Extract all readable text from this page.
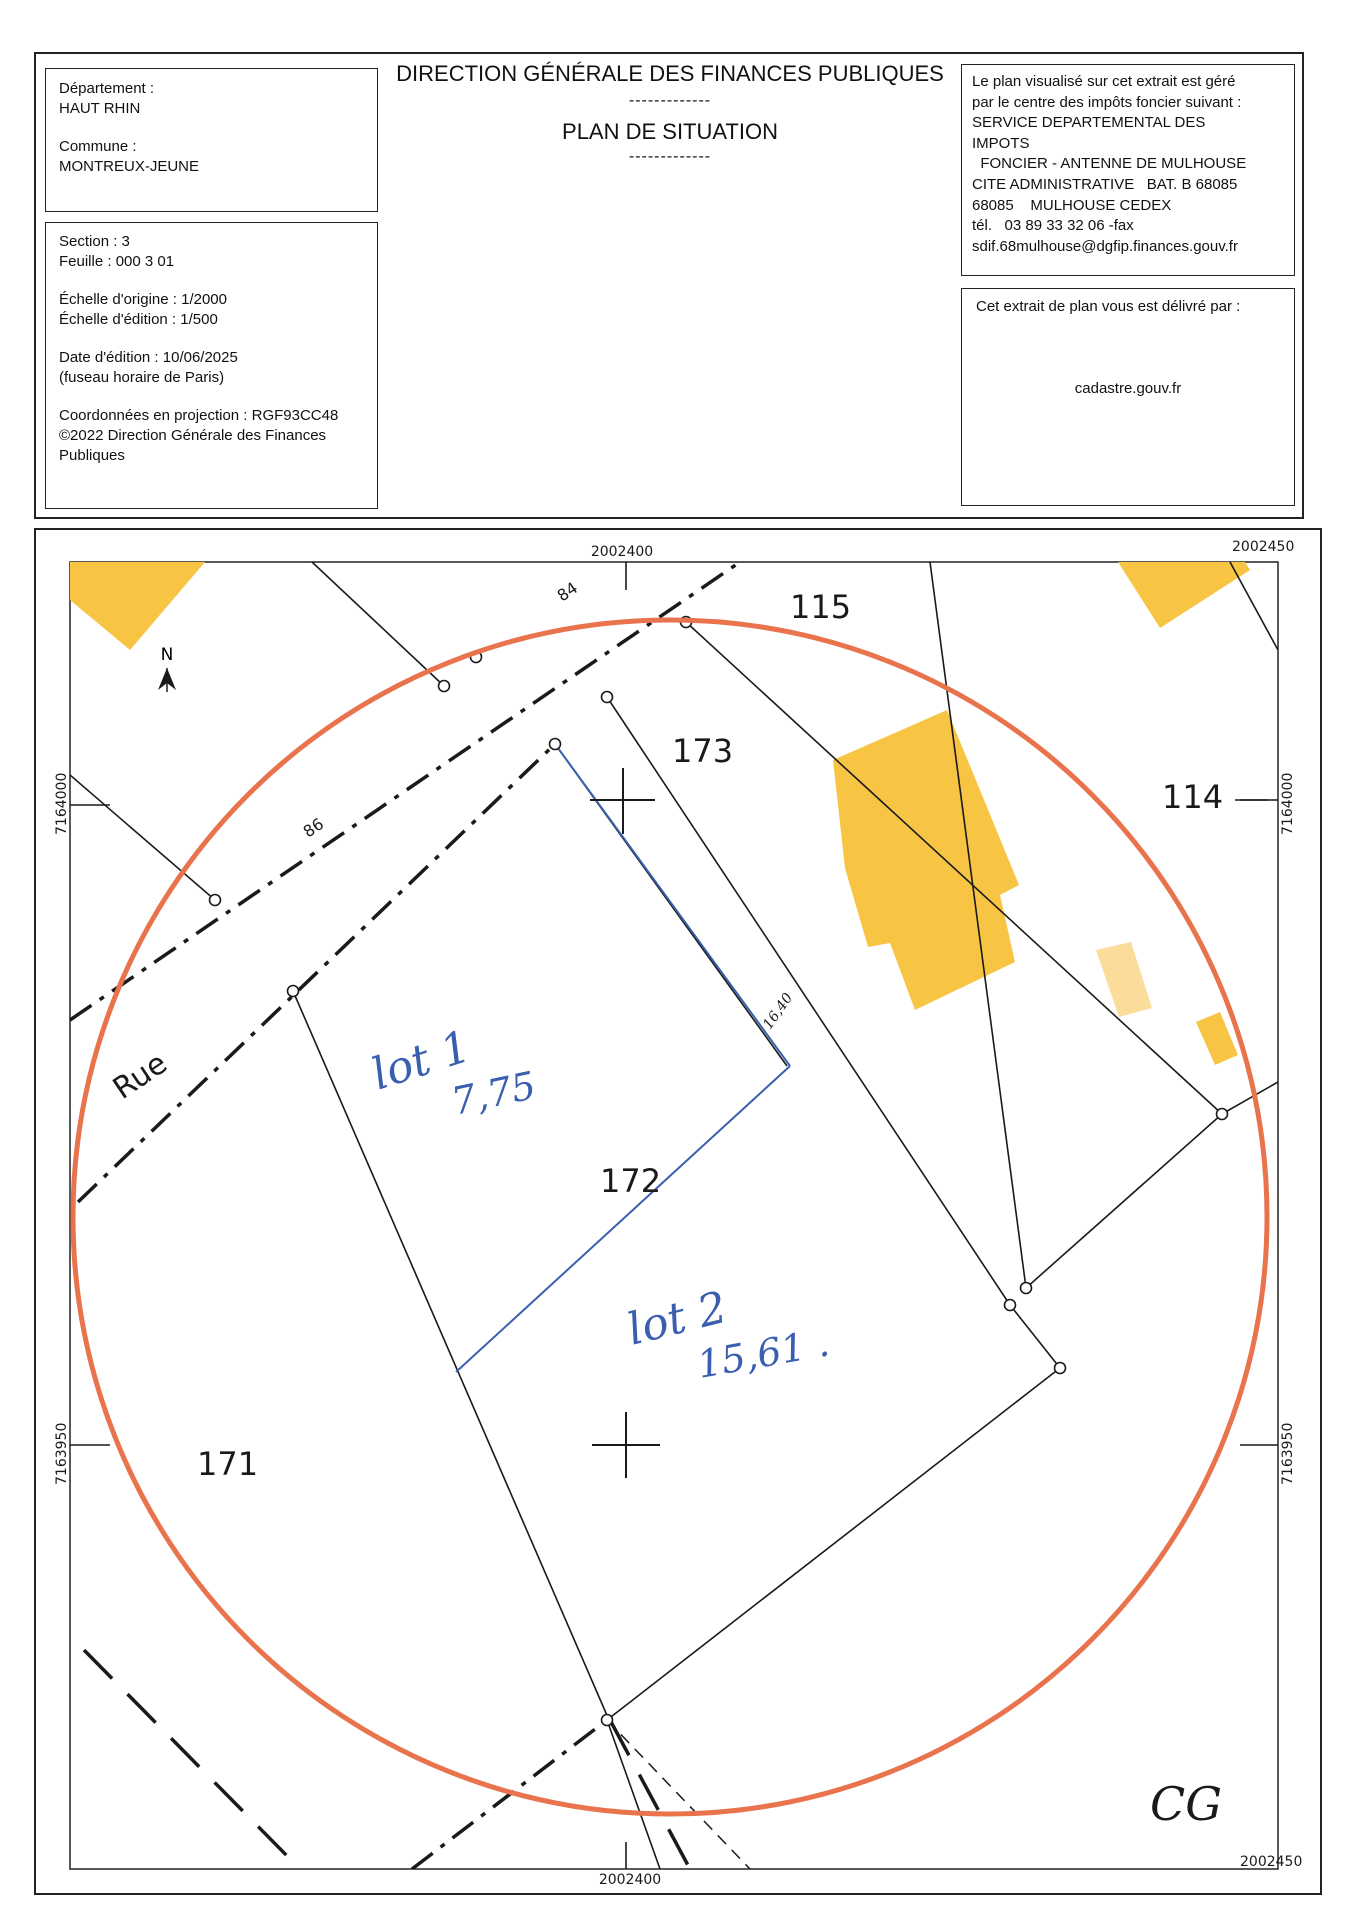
Département :
HAUT RHIN
Commune :
MONTREUX-JEUNE
Section : 3
Feuille : 000 3 01
Échelle d'origine : 1/2000
Échelle d'édition : 1/500
Date d'édition : 10/06/2025
(fuseau horaire de Paris)
Coordonnées en projection : RGF93CC48
©2022 Direction Générale des Finances
Publiques
DIRECTION GÉNÉRALE DES FINANCES PUBLIQUES
-------------
PLAN DE SITUATION
-------------
Le plan visualisé sur cet extrait est géré
par le centre des impôts foncier suivant :
SERVICE DEPARTEMENTAL DES
IMPOTS
FONCIER - ANTENNE DE MULHOUSE
CITE ADMINISTRATIVE   BAT. B 68085
68085    MULHOUSE CEDEX
tél.   03 89 33 32 06 -fax
sdif.68mulhouse@dgfip.finances.gouv.fr
Cet extrait de plan vous est délivré par :
cadastre.gouv.fr
N
2002400	2002450
2002400
2002450
7164000
7163950
7164000
7163950
115
173
114
172
171
Rue
84
86
lot 1
7,75
lot 2
15,61 .
16,40
CG
